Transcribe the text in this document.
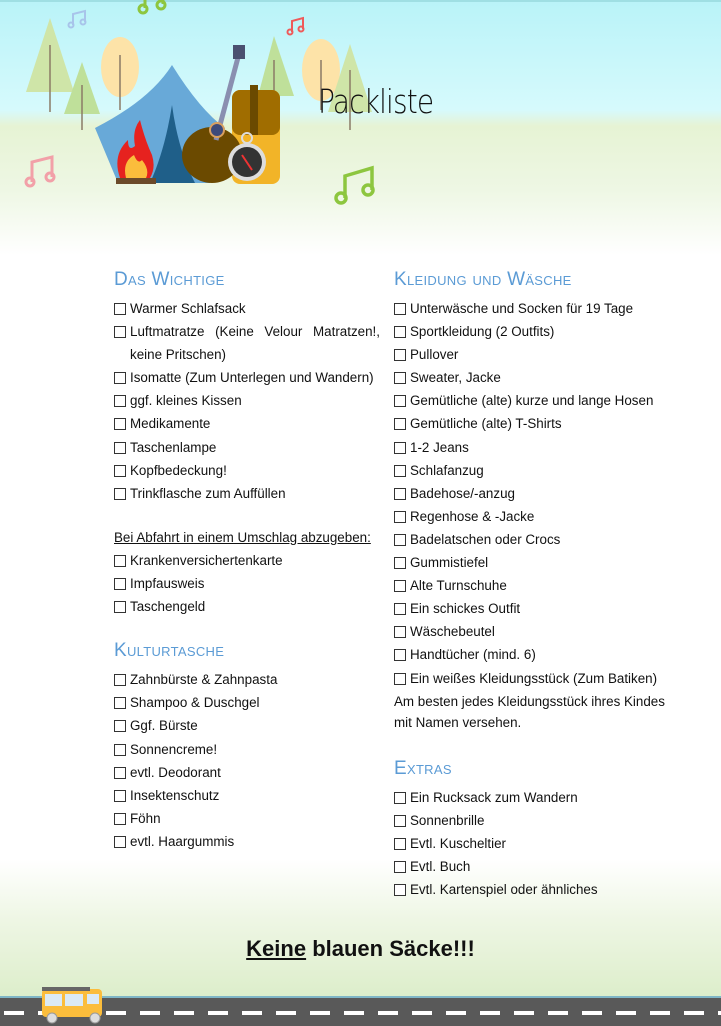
Packliste
Das Wichtige
Warmer Schlafsack
Luftmatratze (Keine Velour Matratzen!, keine Pritschen)
Isomatte (Zum Unterlegen und Wandern)
ggf. kleines Kissen
Medikamente
Taschenlampe
Kopfbedeckung!
Trinkflasche zum Auffüllen
Bei Abfahrt in einem Umschlag abzugeben:
Krankenversichertenkarte
Impfausweis
Taschengeld
Kulturtasche
Zahnbürste & Zahnpasta
Shampoo & Duschgel
Ggf. Bürste
Sonnencreme!
evtl. Deodorant
Insektenschutz
Föhn
evtl. Haargummis
Kleidung und Wäsche
Unterwäsche und Socken für 19 Tage
Sportkleidung (2 Outfits)
Pullover
Sweater, Jacke
Gemütliche (alte) kurze und lange Hosen
Gemütliche (alte) T-Shirts
1-2 Jeans
Schlafanzug
Badehose/-anzug
Regenhose & -Jacke
Badelatschen oder Crocs
Gummistiefel
Alte Turnschuhe
Ein schickes Outfit
Wäschebeutel
Handtücher (mind. 6)
Ein weißes Kleidungsstück (Zum Batiken)
Am besten jedes Kleidungsstück ihres Kindes mit Namen versehen.
Extras
Ein Rucksack zum Wandern
Sonnenbrille
Evtl. Kuscheltier
Evtl. Buch
Evtl. Kartenspiel oder ähnliches
Keine blauen Säcke!!!
